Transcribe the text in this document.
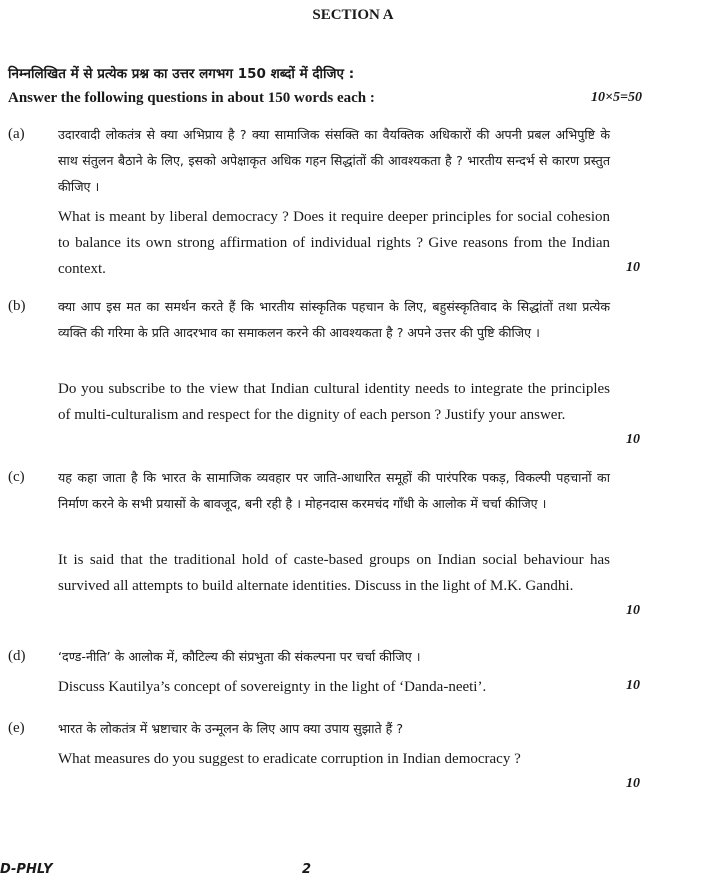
SECTION A
निम्नलिखित में से प्रत्येक प्रश्न का उत्तर लगभग 150 शब्दों में दीजिए :
Answer the following questions in about 150 words each :	10×5=50
(a)	उदारवादी लोकतंत्र से क्या अभिप्राय है ? क्या सामाजिक संसक्ति का वैयक्तिक अधिकारों की अपनी प्रबल अभिपुष्टि के साथ संतुलन बैठाने के लिए, इसको अपेक्षाकृत अधिक गहन सिद्धांतों की आवश्यकता है ? भारतीय सन्दर्भ से कारण प्रस्तुत कीजिए ।
What is meant by liberal democracy ? Does it require deeper principles for social cohesion to balance its own strong affirmation of individual rights ? Give reasons from the Indian context.	10
(b)	क्या आप इस मत का समर्थन करते हैं कि भारतीय सांस्कृतिक पहचान के लिए, बहुसंस्कृतिवाद के सिद्धांतों तथा प्रत्येक व्यक्ति की गरिमा के प्रति आदरभाव का समाकलन करने की आवश्यकता है ? अपने उत्तर की पुष्टि कीजिए ।
Do you subscribe to the view that Indian cultural identity needs to integrate the principles of multi-culturalism and respect for the dignity of each person ? Justify your answer.
10
(c)	यह कहा जाता है कि भारत के सामाजिक व्यवहार पर जाति-आधारित समूहों की पारंपरिक पकड़, विकल्पी पहचानों का निर्माण करने के सभी प्रयासों के बावजूद, बनी रही है । मोहनदास करमचंद गाँधी के आलोक में चर्चा कीजिए ।
It is said that the traditional hold of caste-based groups on Indian social behaviour has survived all attempts to build alternate identities. Discuss in the light of M.K. Gandhi.
10
(d)	‘दण्ड-नीति’ के आलोक में, कौटिल्य की संप्रभुता की संकल्पना पर चर्चा कीजिए ।
Discuss Kautilya’s concept of sovereignty in the light of ‘Danda-neeti’.	10
(e)	भारत के लोकतंत्र में भ्रष्टाचार के उन्मूलन के लिए आप क्या उपाय सुझाते हैं ?
What measures do you suggest to eradicate corruption in Indian democracy ?
10
D-PHLY	2
